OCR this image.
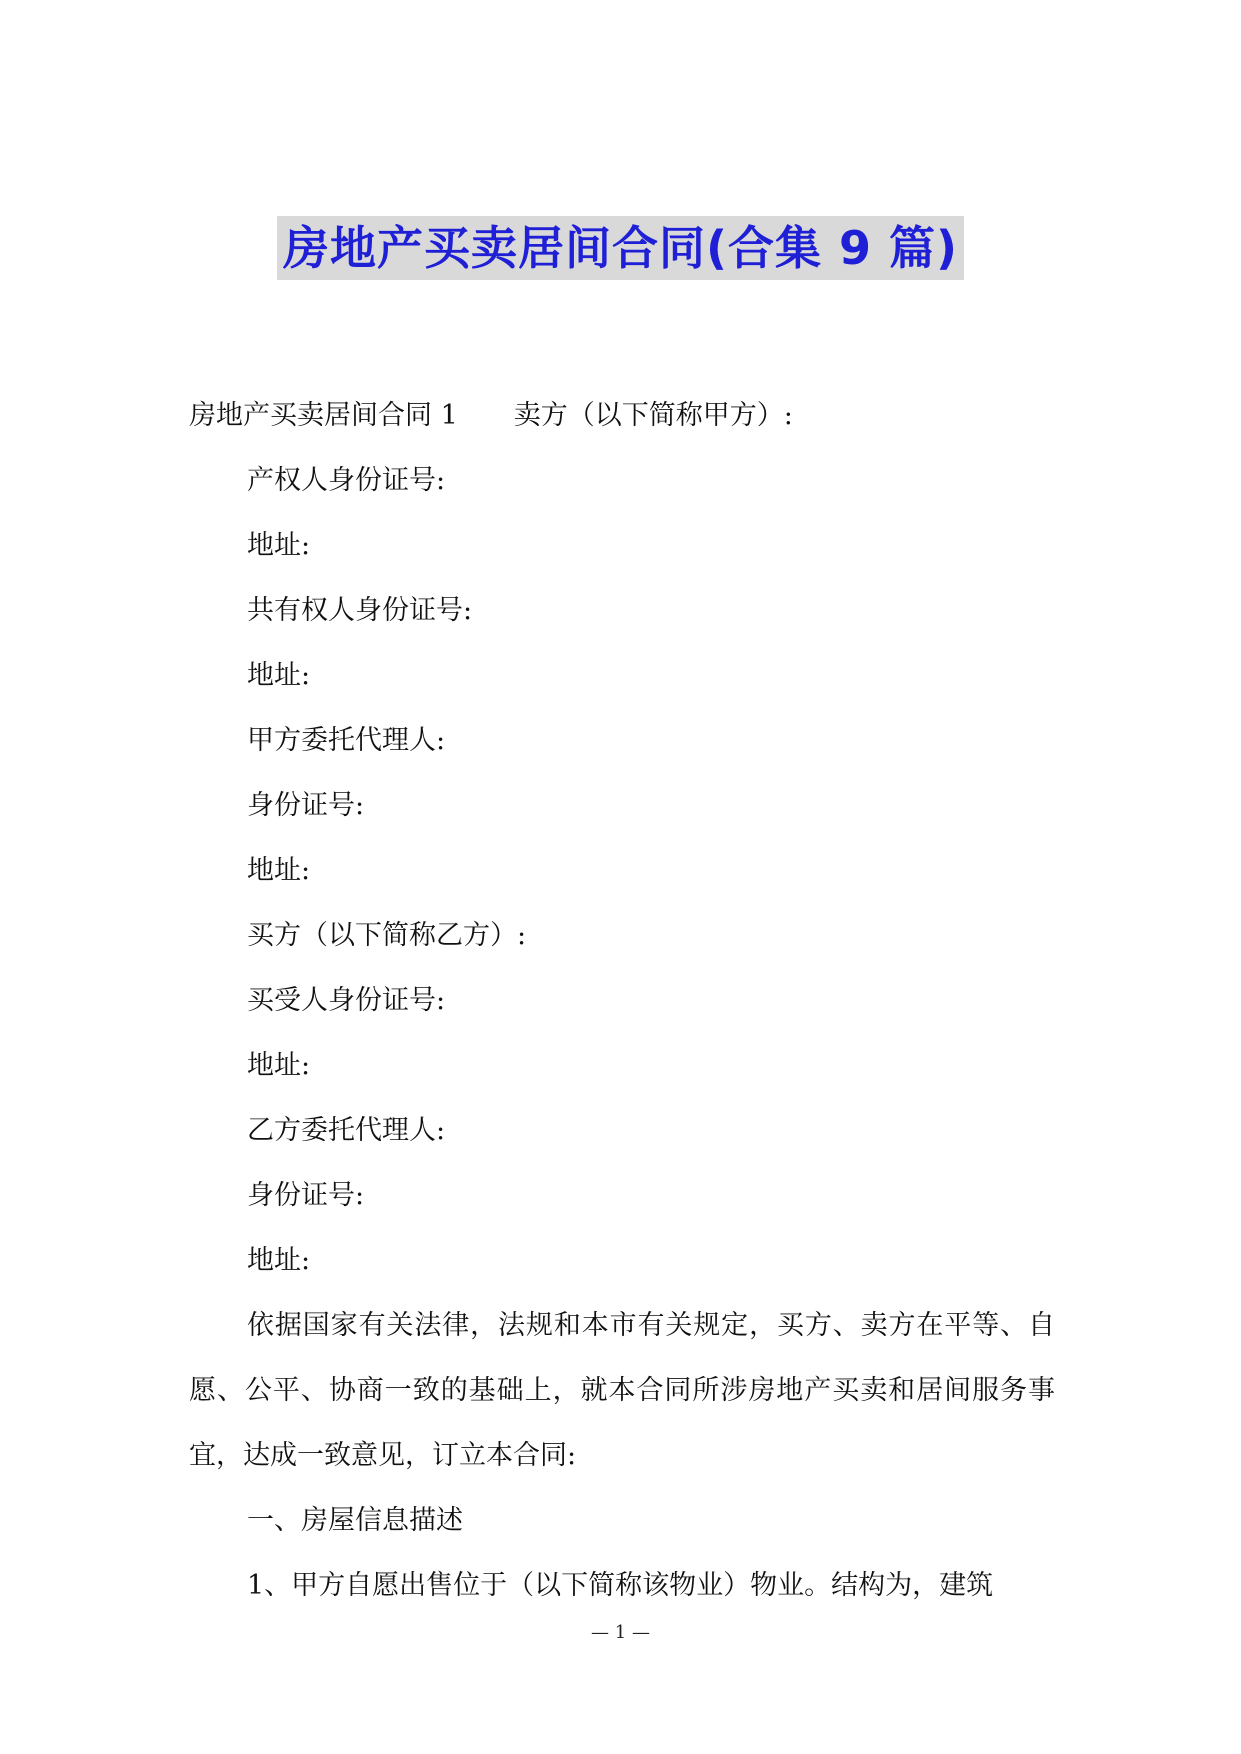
房地产买卖居间合同(合集 9 篇)
房地产买卖居间合同 1 卖方（以下简称甲方）:
产权人身份证号:
地址:
共有权人身份证号:
地址:
甲方委托代理人:
身份证号:
地址:
买方（以下简称乙方）:
买受人身份证号:
地址:
乙方委托代理人:
身份证号:
地址:
依据国家有关法律，法规和本市有关规定，买方、卖方在平等、自愿、公平、协商一致的基础上，就本合同所涉房地产买卖和居间服务事宜，达成一致意见，订立本合同:
一、房屋信息描述
1、甲方自愿出售位于（以下简称该物业）物业。结构为，建筑
— 1 —
